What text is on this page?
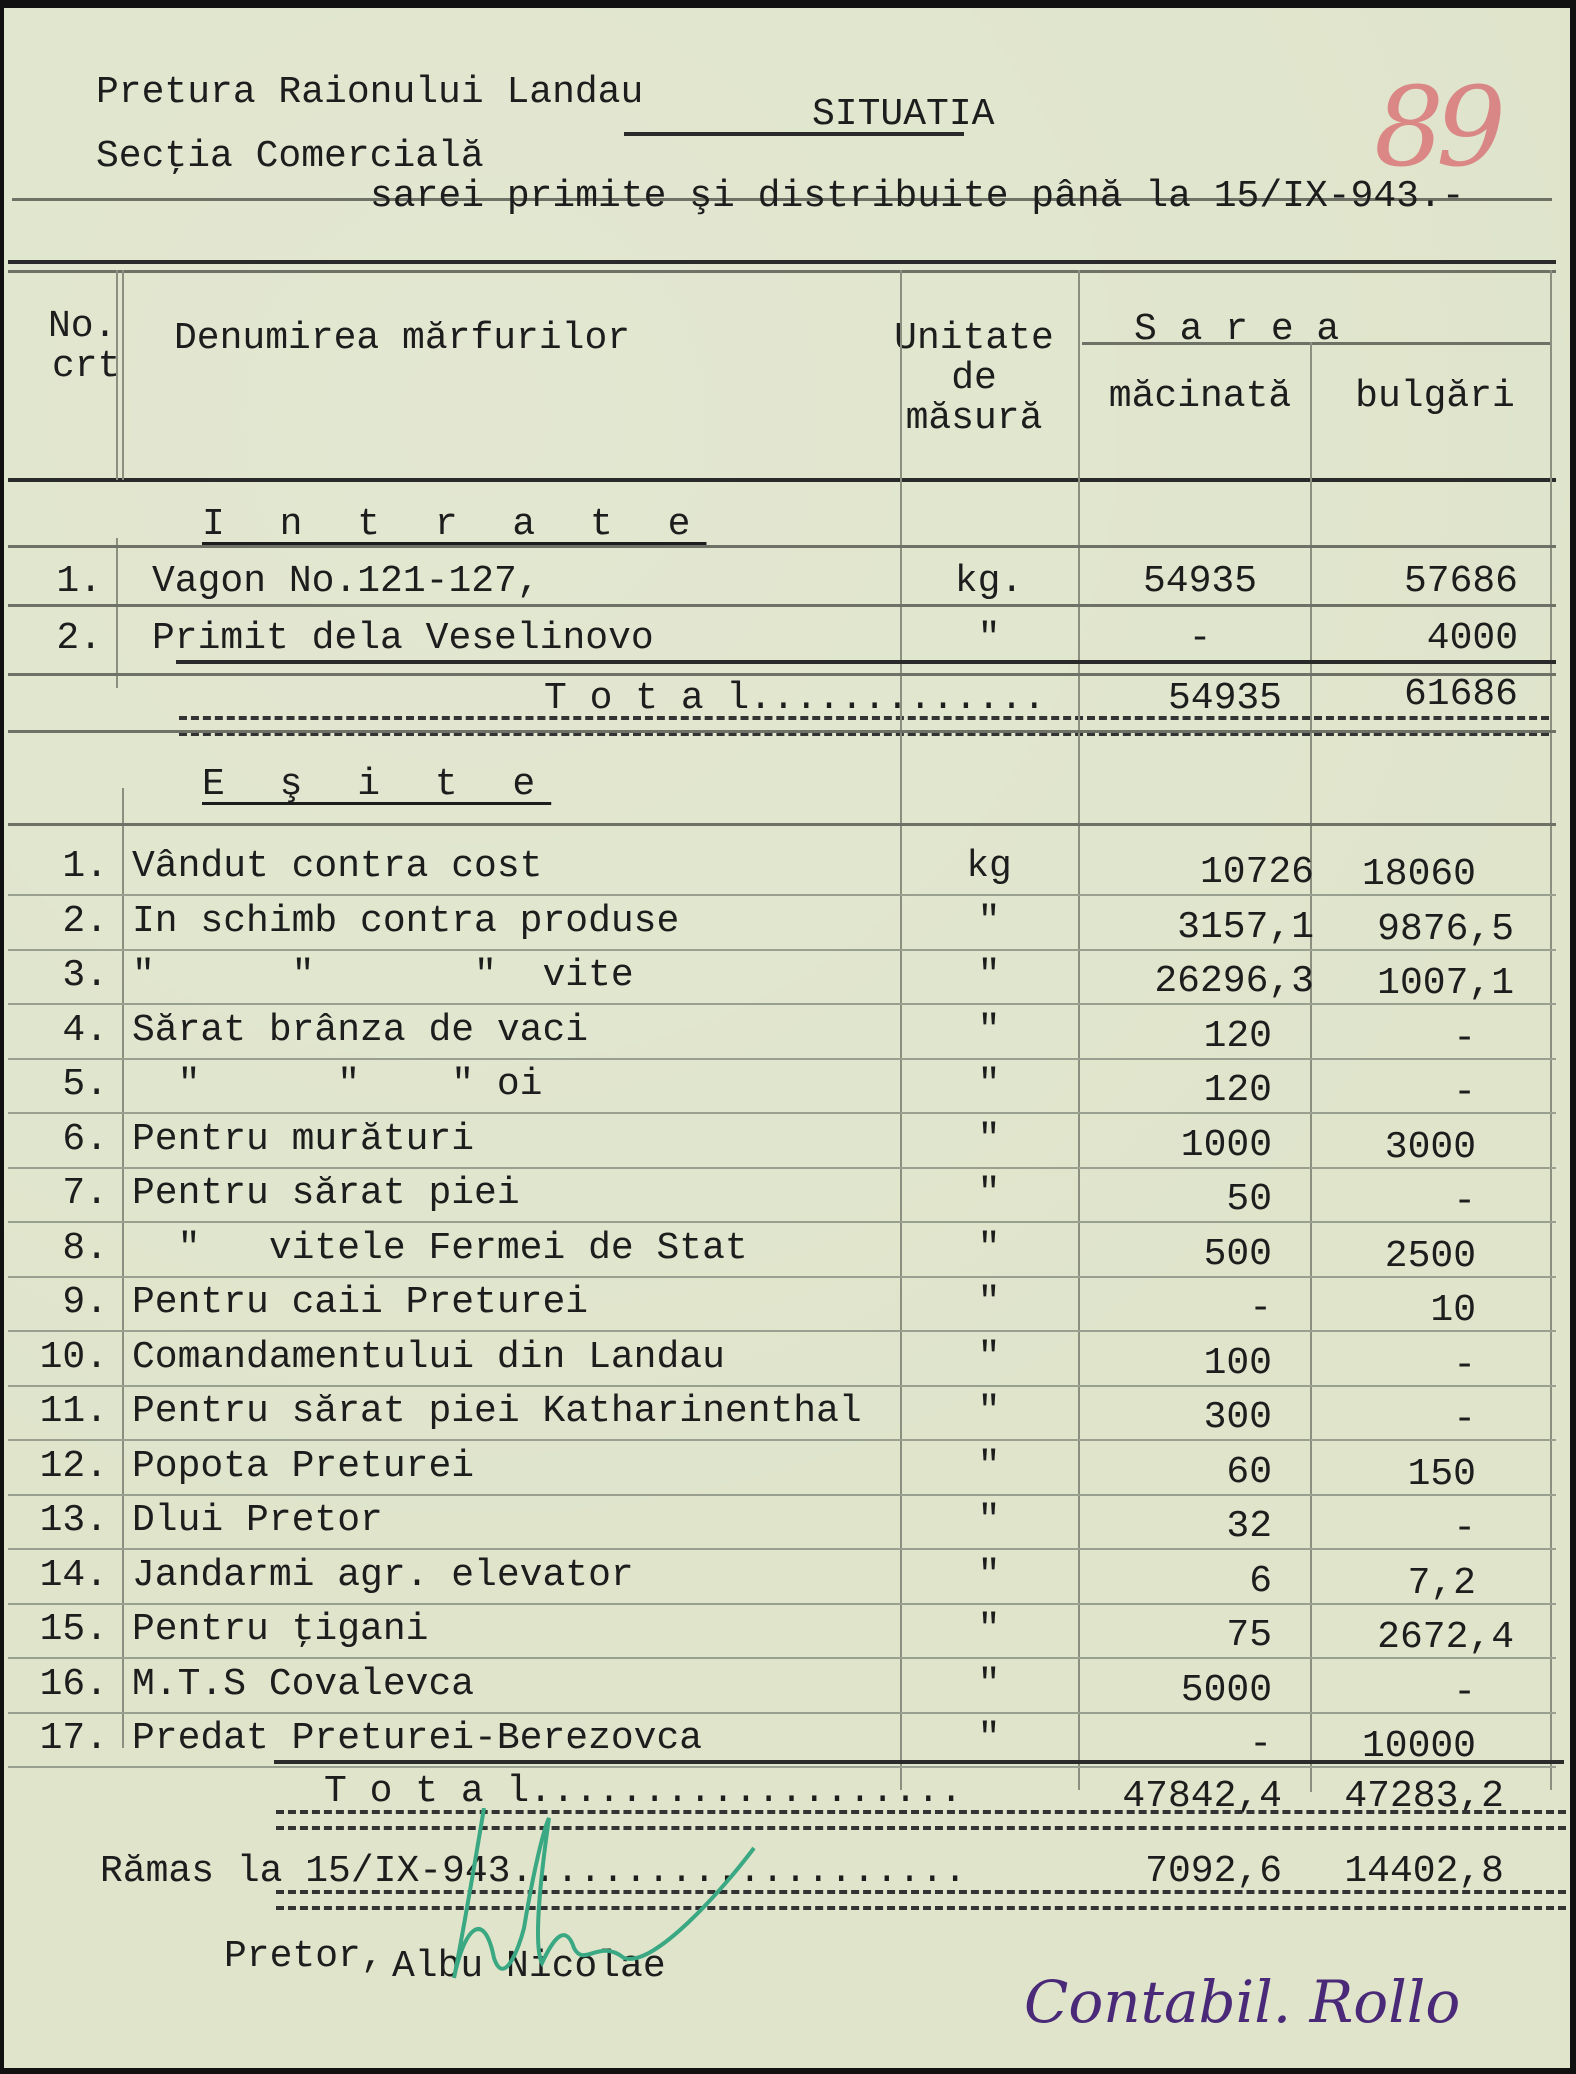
89
Pretura Raionului Landau
Secţia Comercială
SITUATIA
sarei primite şi distribuite până la 15/IX-943.-
No.
crt
Denumirea mărfurilor	Unitate
de
măsură
S a r e a
măcinată	bulgări
I n t r a t e
T o t a l.............	54935	61686
E ş i t e
T o t a l...................	47842,4	47283,2
Rămas la 15/IX-943....................	7092,6	14402,8
Pretor, Albu Nicolae
Contabil. Rollo
1. Vagon No.121-127,	kg.	54935	57686
2. Primit dela Veselinovo	"	-	4000
1. Vândut contra cost	kg	10726	18060
2. In schimb contra produse	"	3157,1	9876,5
3. "      "       "  vite	"	26296,3	1007,1
4. Sărat brânza de vaci	"	120	-
5. "      "    " oi	"	120	-
6. Pentru murături	"	1000	3000
7. Pentru sărat piei	"	50	-
8. "   vitele Fermei de Stat	"	500	2500
9. Pentru caii Preturei	"	-	10
10. Comandamentului din Landau	"	100	-
11. Pentru sărat piei Katharinenthal	"	300	-
12. Popota Preturei	"	60	150
13. Dlui Pretor	"	32	-
14. Jandarmi agr. elevator	"	6	7,2
15. Pentru ţigani	"	75	2672,4
16. M.T.S Covalevca	"	5000	-
17. Predat Preturei-Berezovca	"	-	10000
